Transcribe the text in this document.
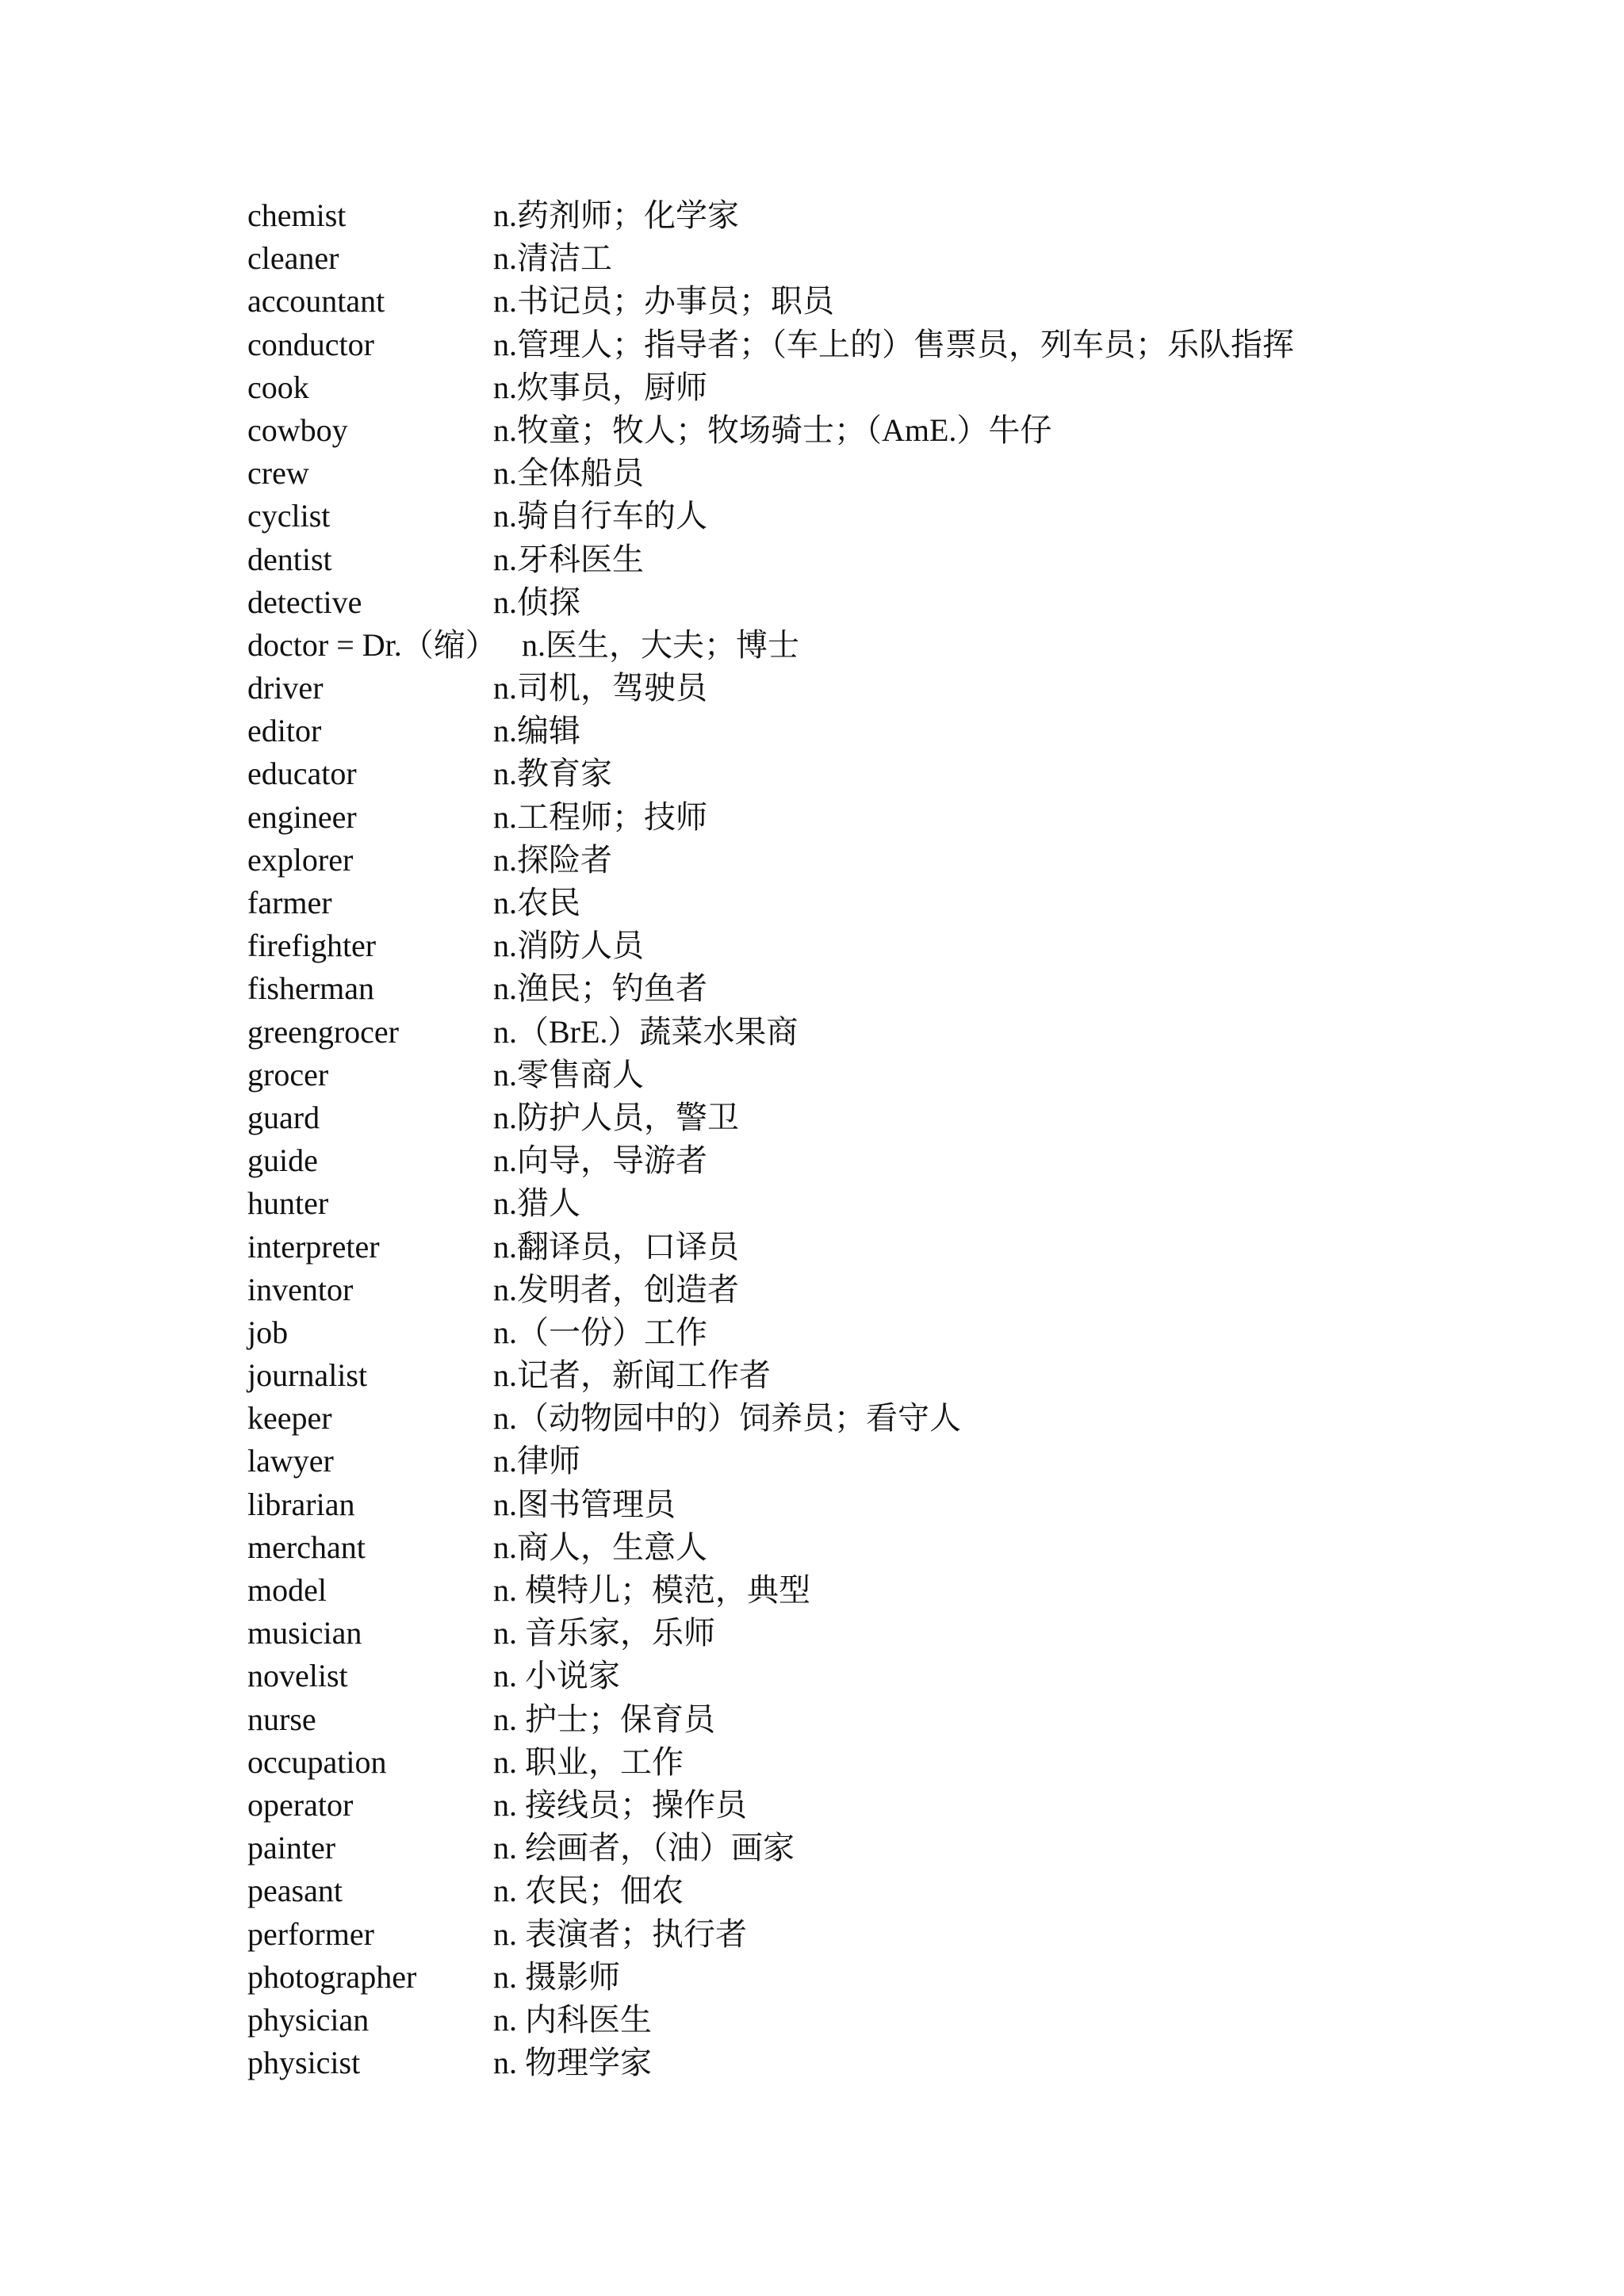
chemist	n.药剂师；化学家
cleaner	n.清洁工
accountant	n.书记员；办事员；职员
conductor	n.管理人；指导者；（车上的）售票员，列车员；乐队指挥
cook	n.炊事员，厨师
cowboy	n.牧童；牧人；牧场骑士；（AmE.）牛仔
crew	n.全体船员
cyclist	n.骑自行车的人
dentist	n.牙科医生
detective	n.侦探
doctor = Dr.（缩） n.医生，大夫；博士
driver	n.司机，驾驶员
editor	n.编辑
educator	n.教育家
engineer	n.工程师；技师
explorer	n.探险者
farmer	n.农民
firefighter	n.消防人员
fisherman	n.渔民；钓鱼者
greengrocer	n.（BrE.）蔬菜水果商
grocer	n.零售商人
guard	n.防护人员，警卫
guide	n.向导，导游者
hunter	n.猎人
interpreter	n.翻译员，口译员
inventor	n.发明者，创造者
job	n.（一份）工作
journalist	n.记者，新闻工作者
keeper	n.（动物园中的）饲养员；看守人
lawyer	n.律师
librarian	n.图书管理员
merchant	n.商人，生意人
model	n. 模特儿；模范，典型
musician	n. 音乐家，乐师
novelist	n. 小说家
nurse	n. 护士；保育员
occupation	n. 职业，工作
operator	n. 接线员；操作员
painter	n. 绘画者，（油）画家
peasant	n. 农民；佃农
performer	n. 表演者；执行者
photographer n. 摄影师
physician	n. 内科医生
physicist	n. 物理学家
